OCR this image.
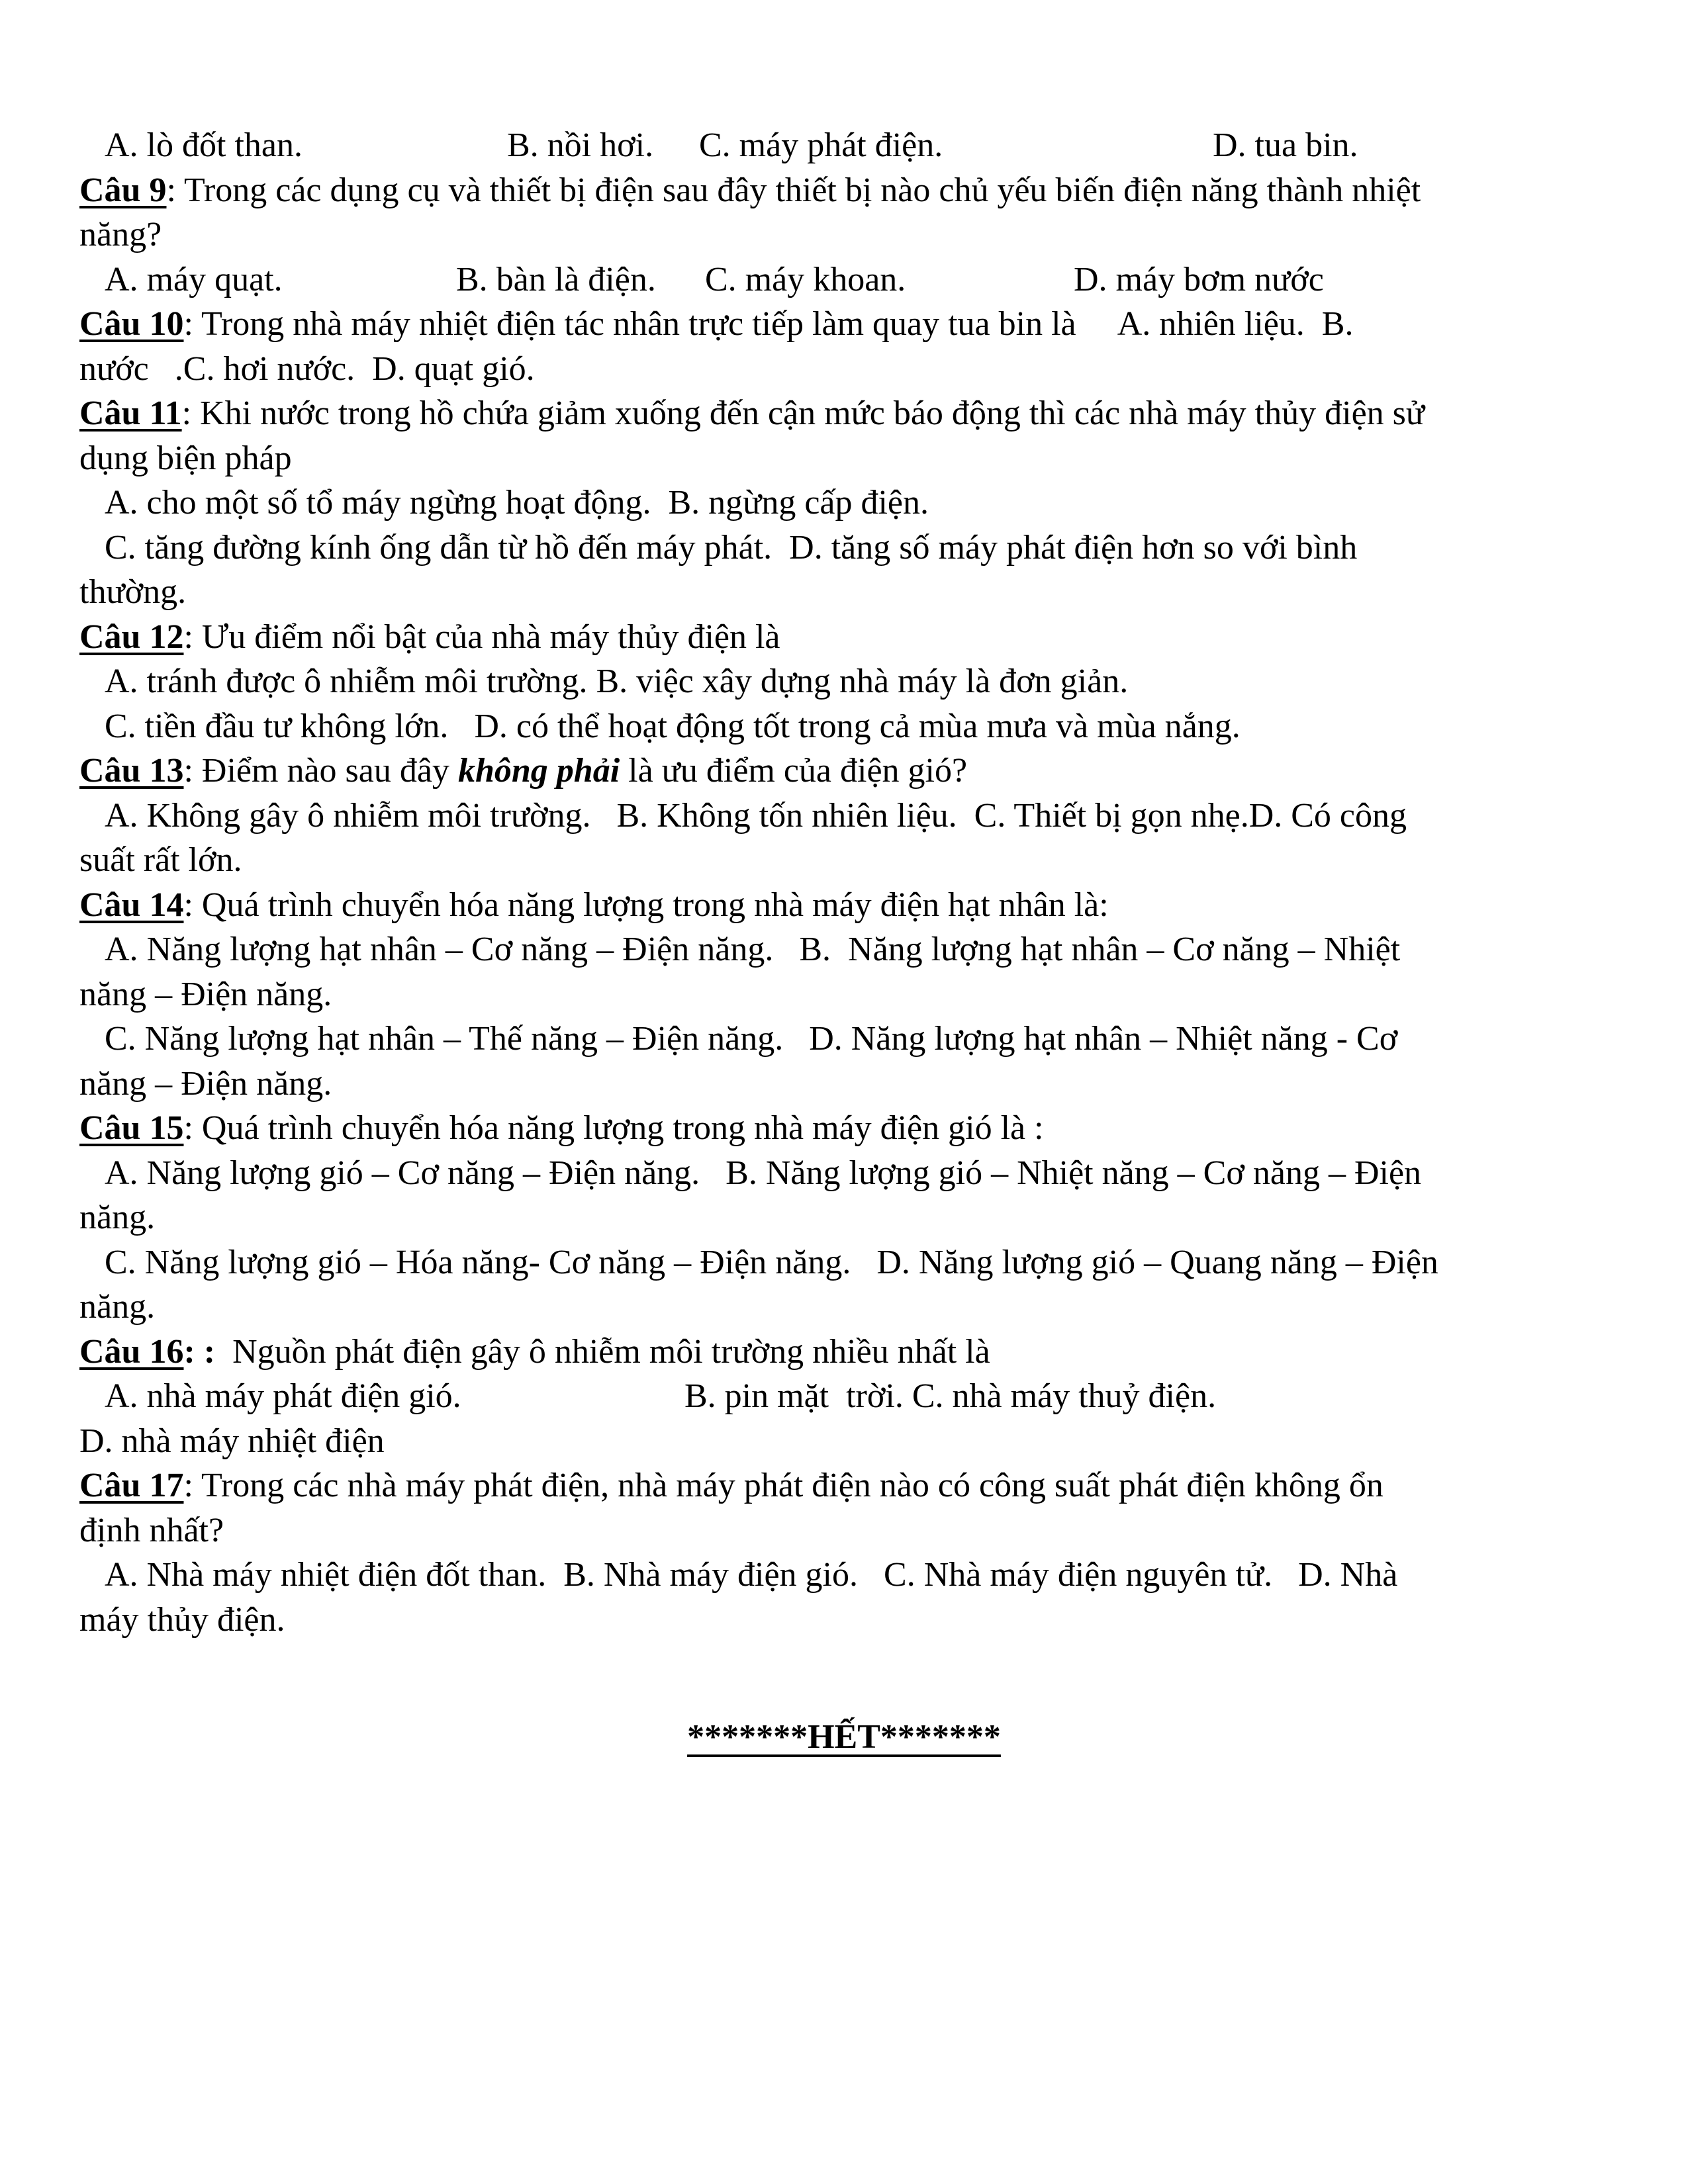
A. lò đốt than.	B. nồi hơi. C. máy phát điện.	D. tua bin.
Câu 9: Trong các dụng cụ và thiết bị điện sau đây thiết bị nào chủ yếu biến điện năng thành nhiệt
năng?
A. máy quạt.	B. bàn là điện. C. máy khoan.	D. máy bơm nước
Câu 10: Trong nhà máy nhiệt điện tác nhân trực tiếp làm quay tua bin là     A. nhiên liệu.  B.
nước   .C. hơi nước.  D. quạt gió.
Câu 11: Khi nước trong hồ chứa giảm xuống đến cận mức báo động thì các nhà máy thủy điện sử
dụng biện pháp
A. cho một số tổ máy ngừng hoạt động.  B. ngừng cấp điện.
C. tăng đường kính ống dẫn từ hồ đến máy phát.  D. tăng số máy phát điện hơn so với bình
thường.
Câu 12: Ưu điểm nổi bật của nhà máy thủy điện là
A. tránh được ô nhiễm môi trường. B. việc xây dựng nhà máy là đơn giản.
C. tiền đầu tư không lớn.   D. có thể hoạt động tốt trong cả mùa mưa và mùa nắng.
Câu 13: Điểm nào sau đây không phải là ưu điểm của điện gió?
A. Không gây ô nhiễm môi trường.   B. Không tốn nhiên liệu.  C. Thiết bị gọn nhẹ.D. Có công
suất rất lớn.
Câu 14: Quá trình chuyển hóa năng lượng trong nhà máy điện hạt nhân là:
A. Năng lượng hạt nhân – Cơ năng – Điện năng.   B.  Năng lượng hạt nhân – Cơ năng – Nhiệt
năng – Điện năng.
C. Năng lượng hạt nhân – Thế năng – Điện năng.   D. Năng lượng hạt nhân – Nhiệt năng - Cơ
năng – Điện năng.
Câu 15: Quá trình chuyển hóa năng lượng trong nhà máy điện gió là :
A. Năng lượng gió – Cơ năng – Điện năng.   B. Năng lượng gió – Nhiệt năng – Cơ năng – Điện
năng.
C. Năng lượng gió – Hóa năng- Cơ năng – Điện năng.   D. Năng lượng gió – Quang năng – Điện
năng.
Câu 16: :  Nguồn phát điện gây ô nhiễm môi trường nhiều nhất là
A. nhà máy phát điện gió.	B. pin mặt  trời. C. nhà máy thuỷ điện.
D. nhà máy nhiệt điện
Câu 17: Trong các nhà máy phát điện, nhà máy phát điện nào có công suất phát điện không ổn
định nhất?
A. Nhà máy nhiệt điện đốt than.  B. Nhà máy điện gió.   C. Nhà máy điện nguyên tử.   D. Nhà
máy thủy điện.
*******HẾT*******
